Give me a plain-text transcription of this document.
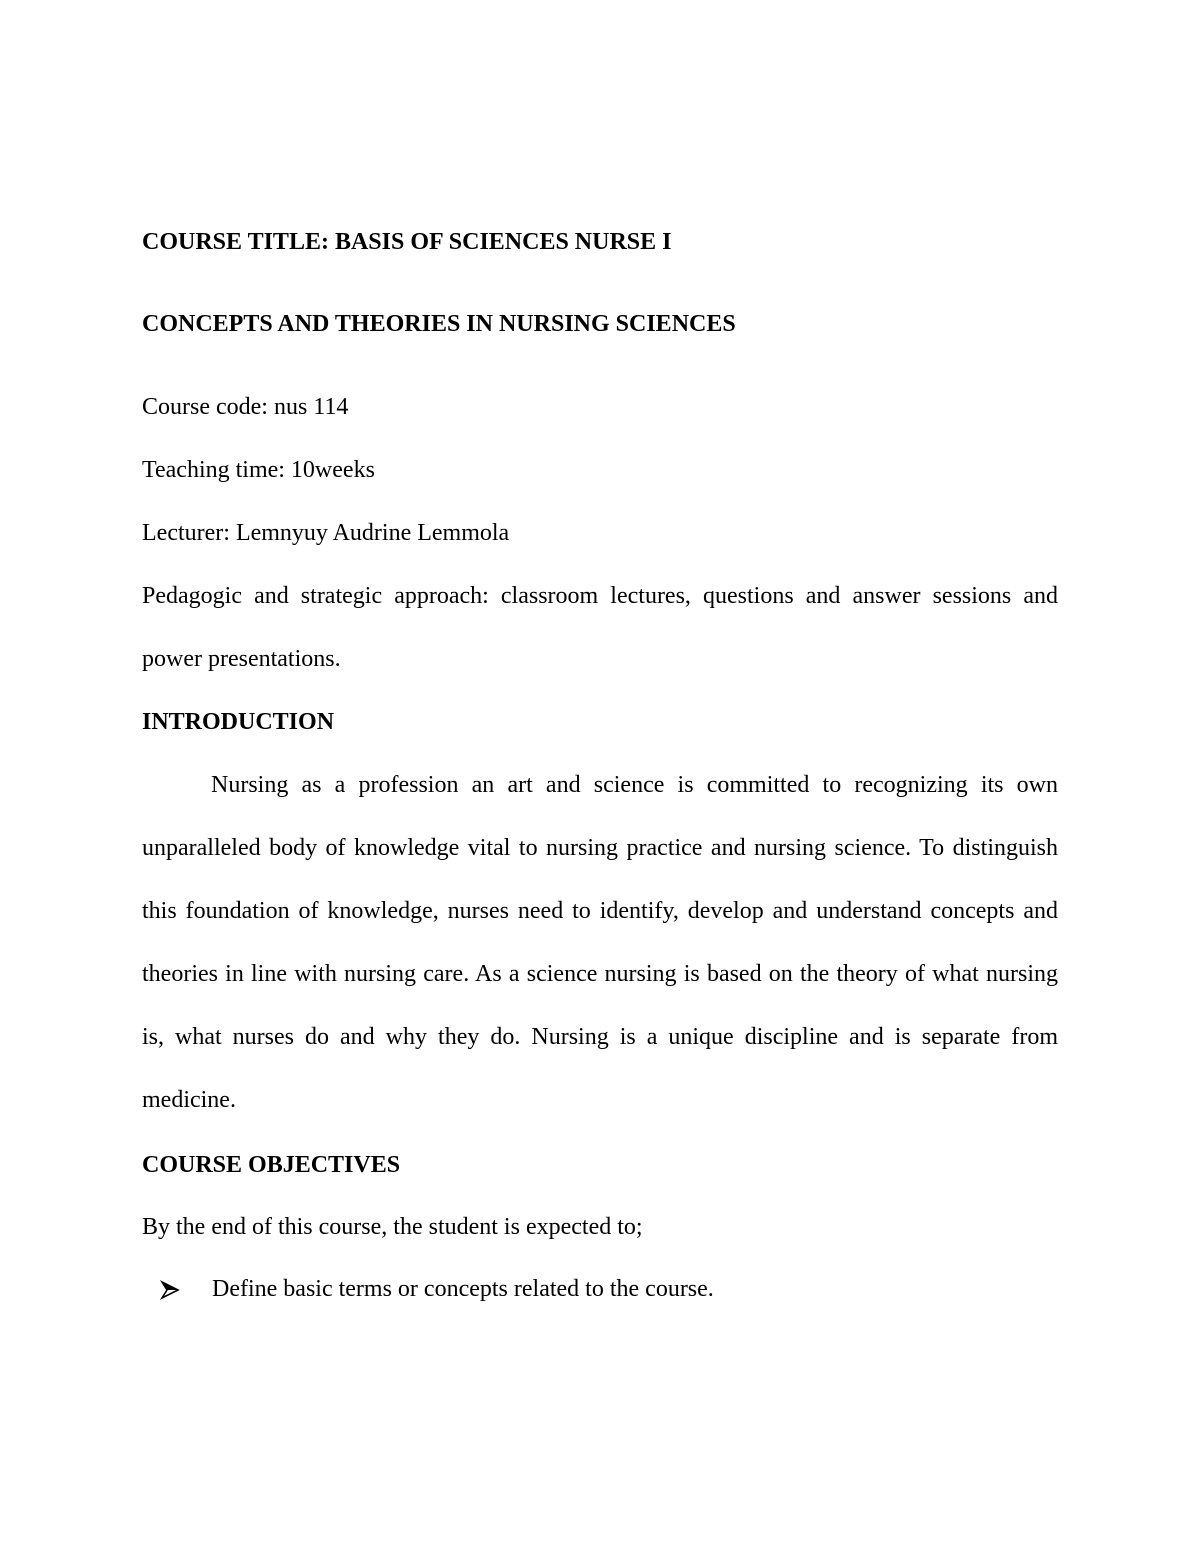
COURSE TITLE: BASIS OF SCIENCES NURSE I
CONCEPTS AND THEORIES IN NURSING SCIENCES
Course code: nus 114
Teaching time: 10weeks
Lecturer: Lemnyuy Audrine Lemmola
Pedagogic and strategic approach: classroom lectures, questions and answer sessions and power presentations.
INTRODUCTION
Nursing as a profession an art and science is committed to recognizing its own unparalleled body of knowledge vital to nursing practice and nursing science. To distinguish this foundation of knowledge, nurses need to identify, develop and understand concepts and theories in line with nursing care. As a science nursing is based on the theory of what nursing is, what nurses do and why they do. Nursing is a unique discipline and is separate from medicine.
COURSE OBJECTIVES
By the end of this course, the student is expected to;
Define basic terms or concepts related to the course.
